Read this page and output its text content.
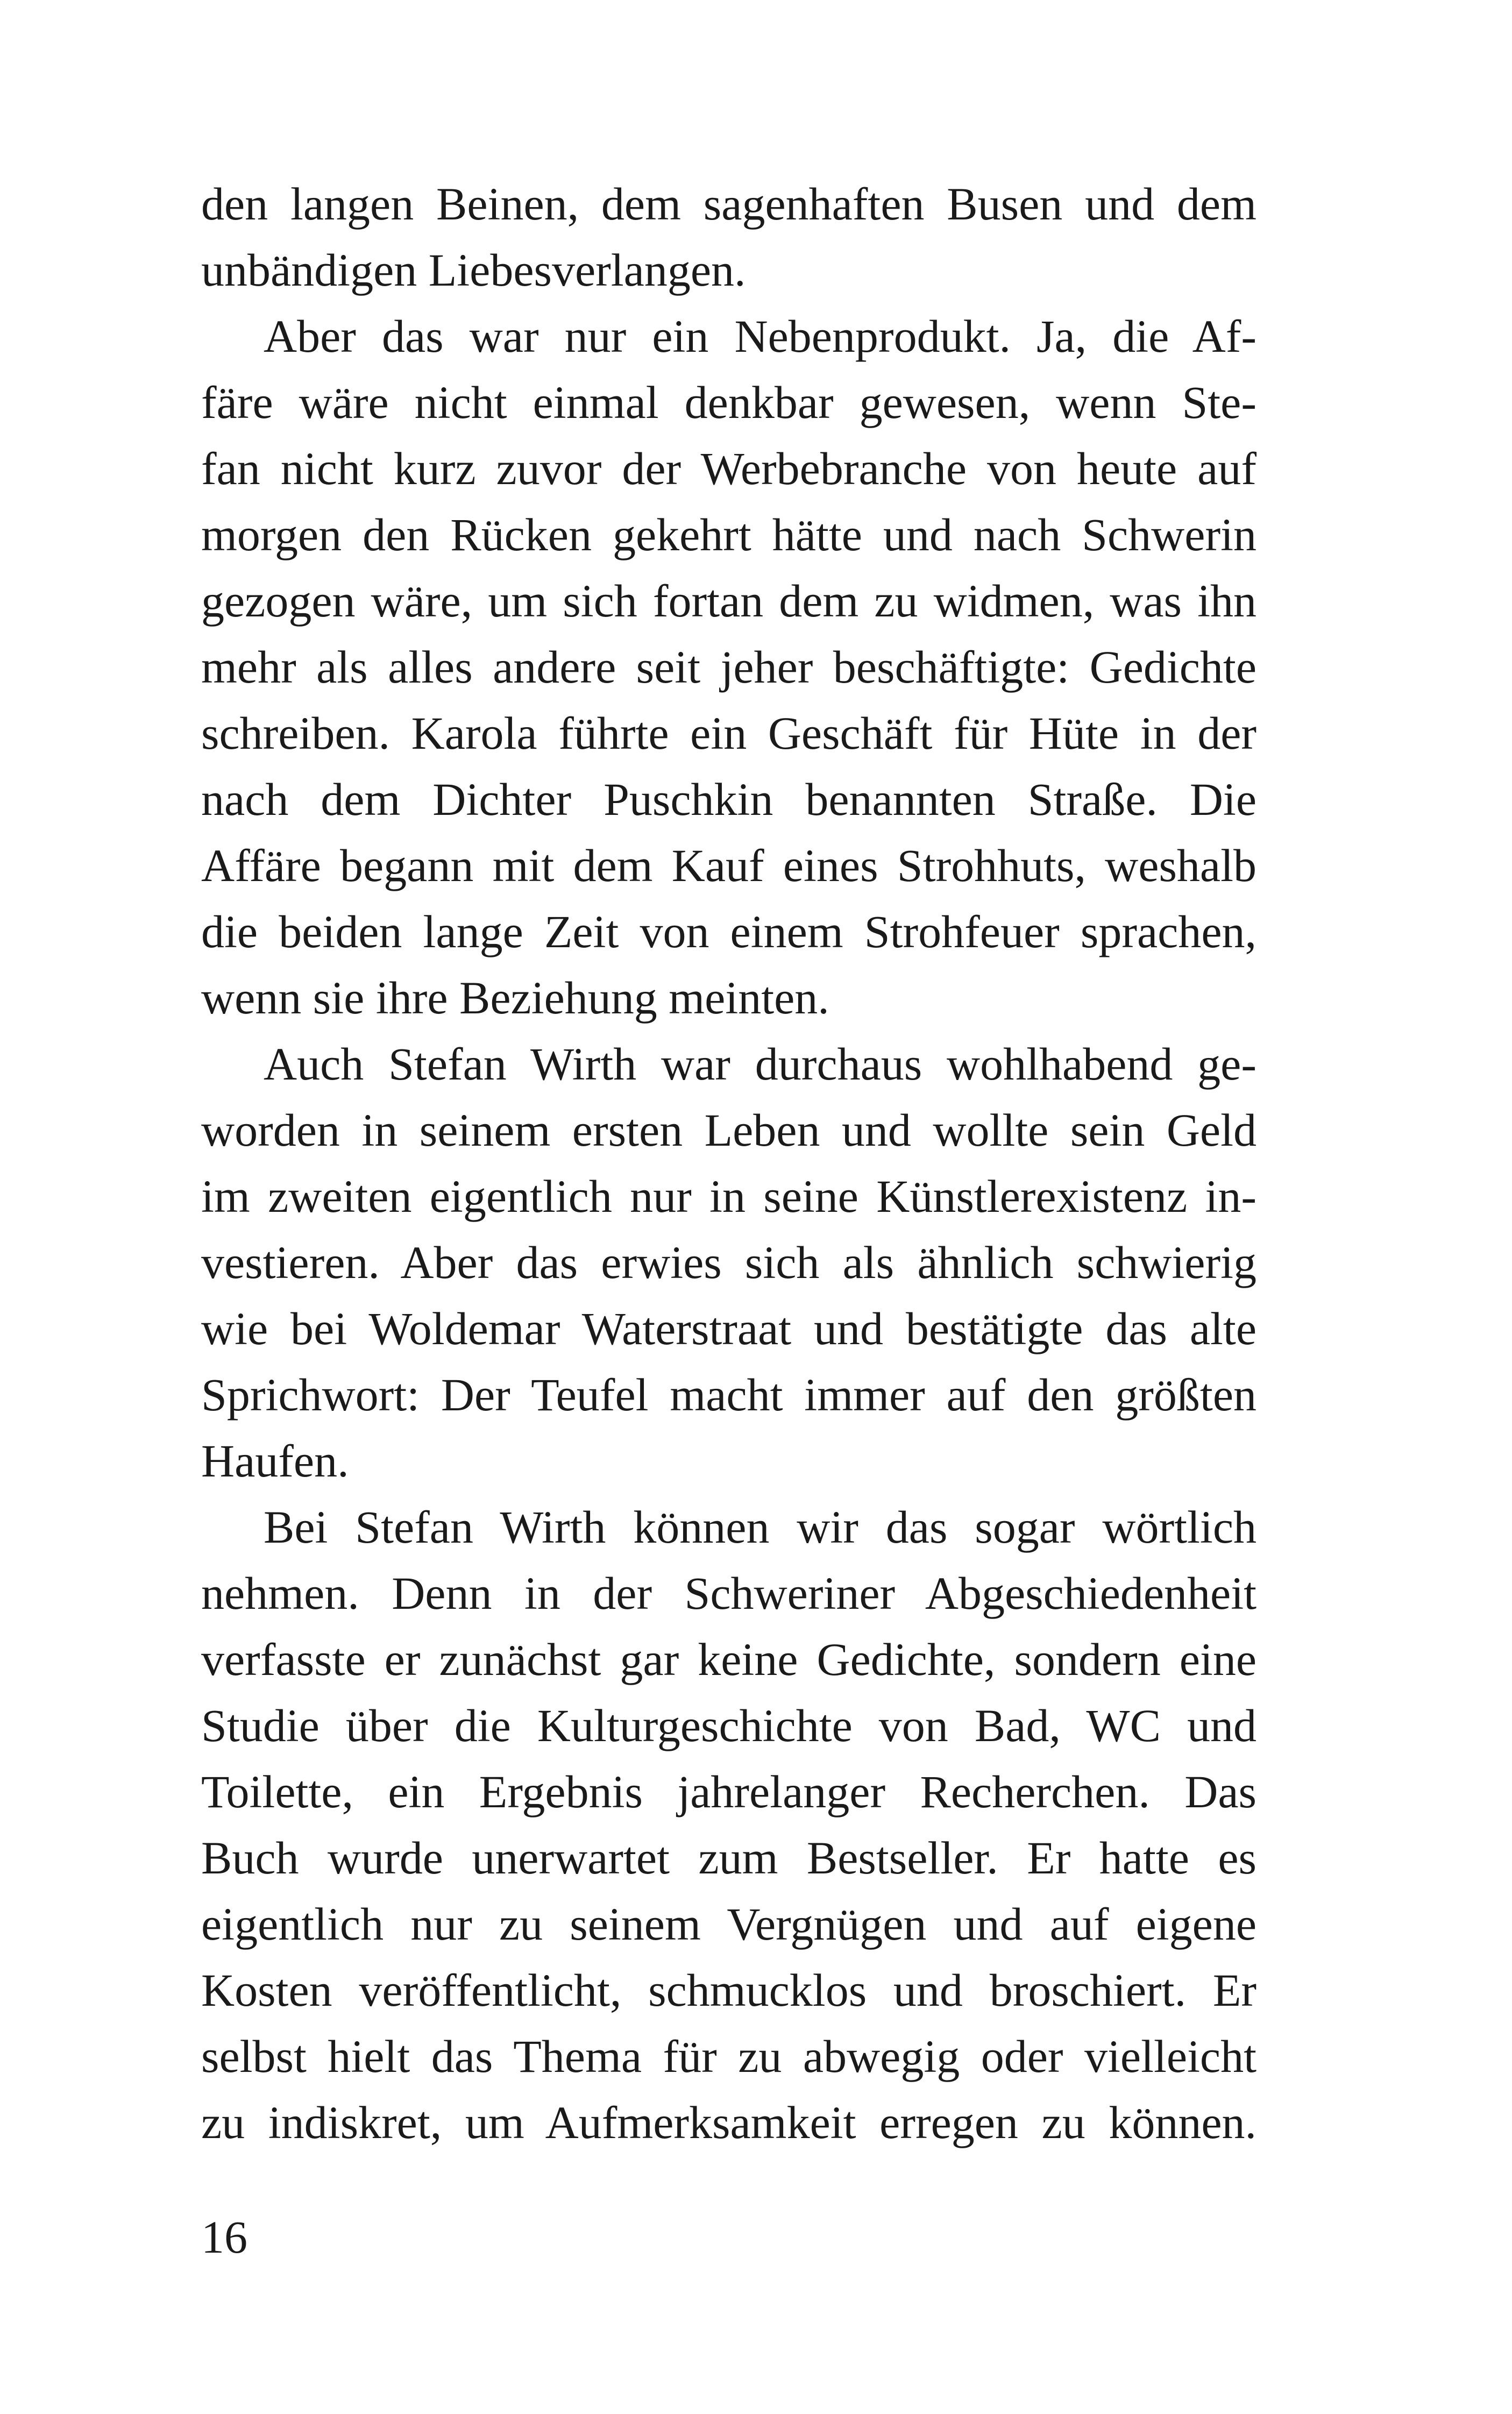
den langen Beinen, dem sagenhaften Busen und dem
unbändigen Liebesverlangen.
Aber das war nur ein Nebenprodukt. Ja, die Af-
färe wäre nicht einmal denkbar gewesen, wenn Ste-
fan nicht kurz zuvor der Werbebranche von heute auf
morgen den Rücken gekehrt hätte und nach Schwerin
gezogen wäre, um sich fortan dem zu widmen, was ihn
mehr als alles andere seit jeher beschäftigte: Gedichte
schreiben. Karola führte ein Geschäft für Hüte in der
nach dem Dichter Puschkin benannten Straße. Die
Affäre begann mit dem Kauf eines Strohhuts, weshalb
die beiden lange Zeit von einem Strohfeuer sprachen,
wenn sie ihre Beziehung meinten.
Auch Stefan Wirth war durchaus wohlhabend ge-
worden in seinem ersten Leben und wollte sein Geld
im zweiten eigentlich nur in seine Künstlerexistenz in-
vestieren. Aber das erwies sich als ähnlich schwierig
wie bei Woldemar Waterstraat und bestätigte das alte
Sprichwort: Der Teufel macht immer auf den größten
Haufen.
Bei Stefan Wirth können wir das sogar wörtlich
nehmen. Denn in der Schweriner Abgeschiedenheit
verfasste er zunächst gar keine Gedichte, sondern eine
Studie über die Kulturgeschichte von Bad, WC und
Toilette, ein Ergebnis jahrelanger Recherchen. Das
Buch wurde unerwartet zum Bestseller. Er hatte es
eigentlich nur zu seinem Vergnügen und auf eigene
Kosten veröffentlicht, schmucklos und broschiert. Er
selbst hielt das Thema für zu abwegig oder vielleicht
zu indiskret, um Aufmerksamkeit erregen zu können.
16
